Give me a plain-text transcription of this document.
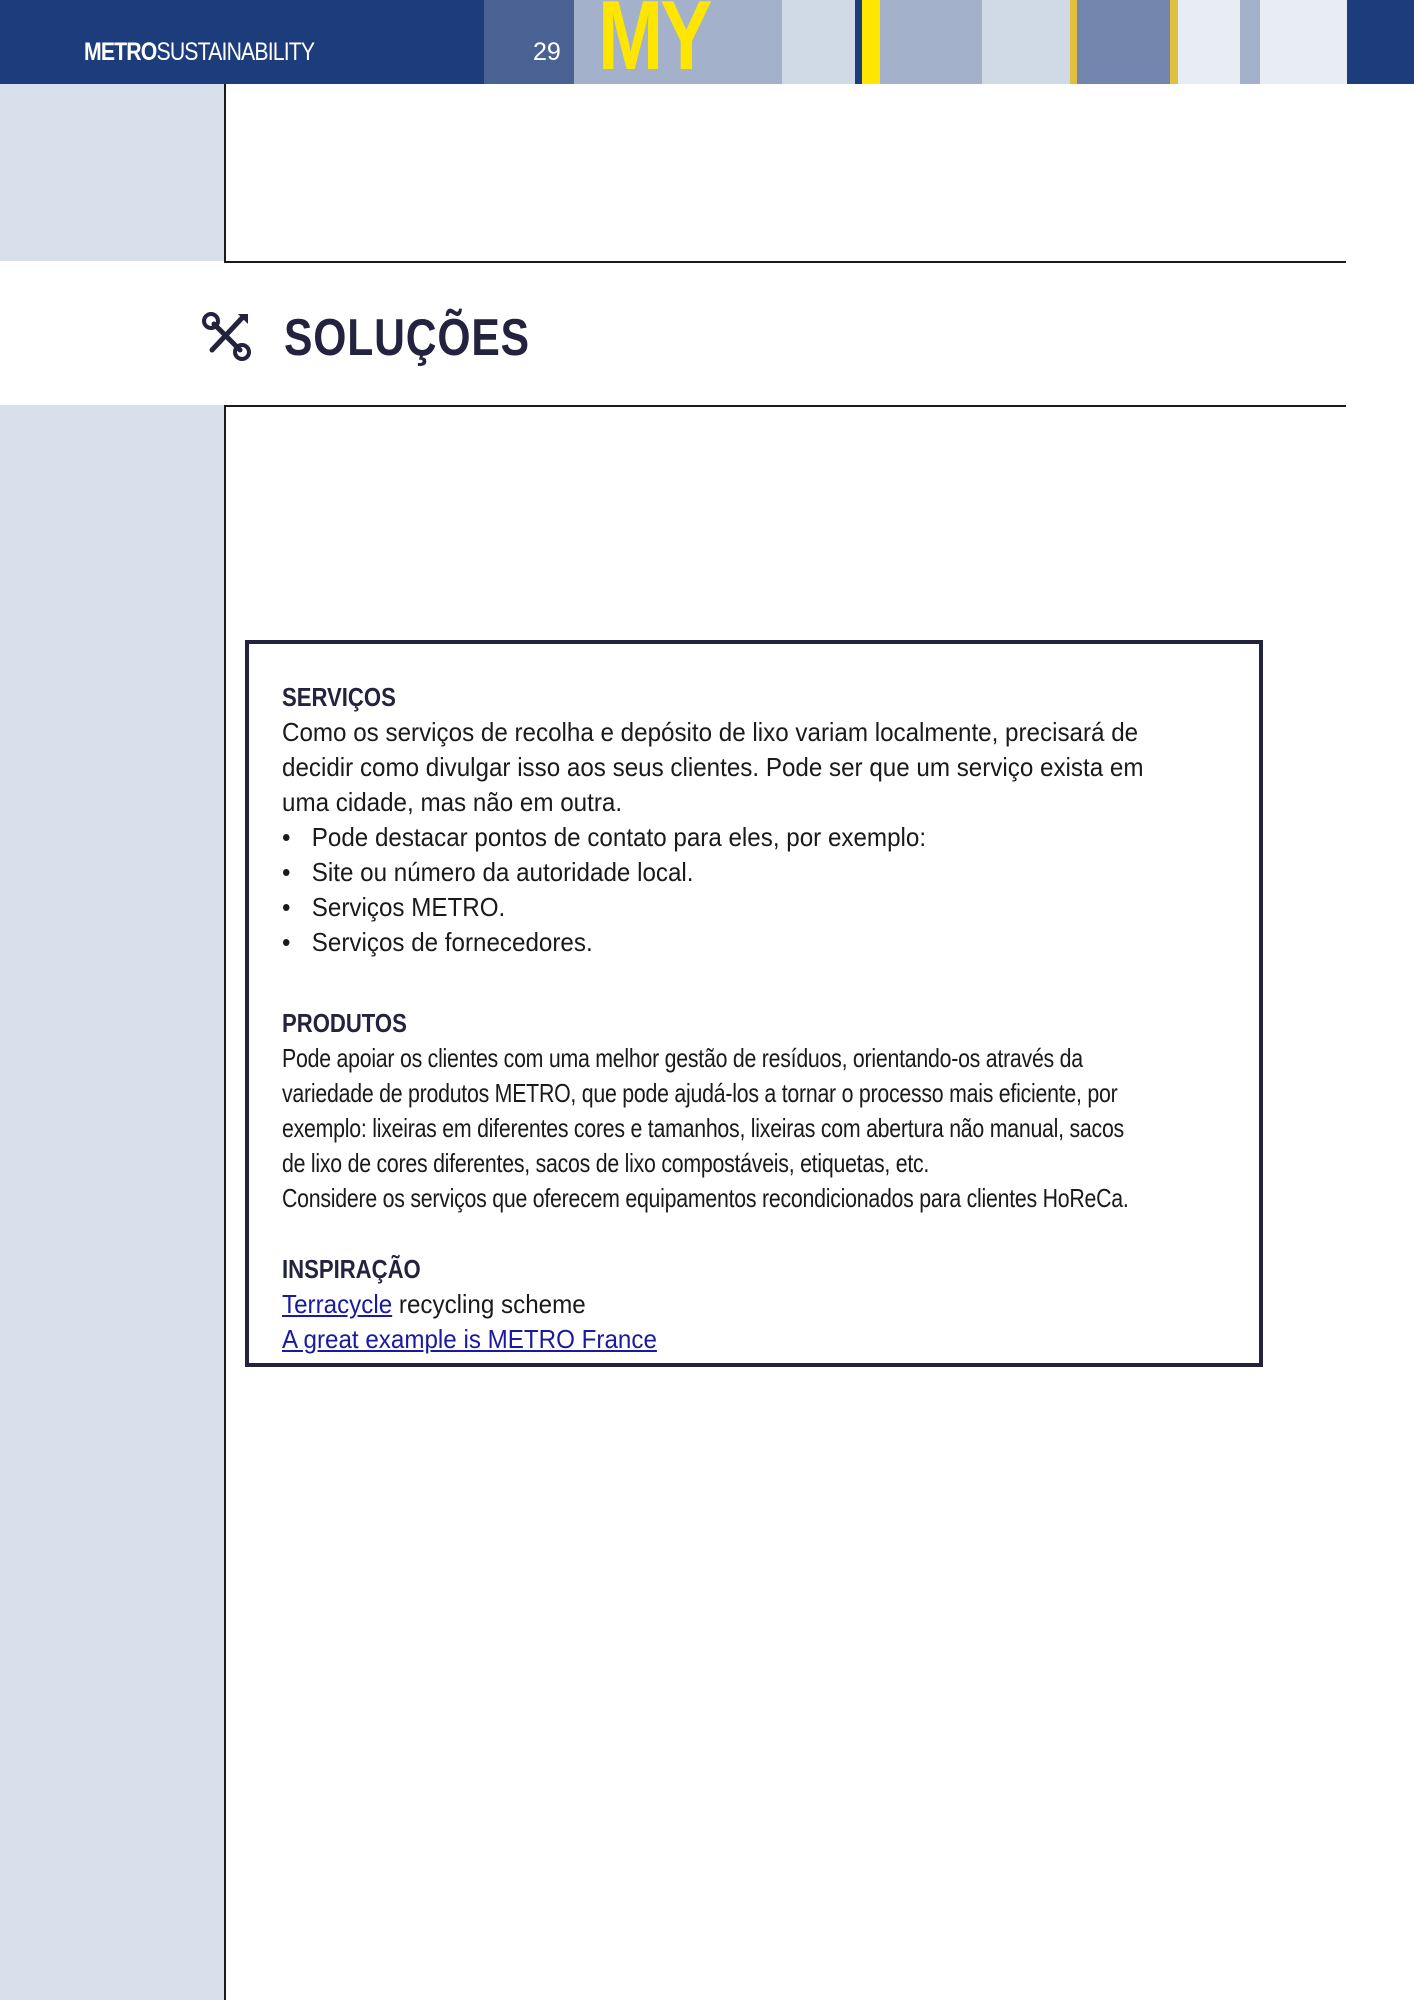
MY
METROSUSTAINABILITY	29
SOLUÇÕES
SERVIÇOS
Como os serviços de recolha e depósito de lixo variam localmente, precisará de
decidir como divulgar isso aos seus clientes. Pode ser que um serviço exista em
uma cidade, mas não em outra.
• Pode destacar pontos de contato para eles, por exemplo:
• Site ou número da autoridade local.
• Serviços METRO.
• Serviços de fornecedores.
PRODUTOS
Pode apoiar os clientes com uma melhor gestão de resíduos, orientando-os através da
variedade de produtos METRO, que pode ajudá-los a tornar o processo mais eficiente, por
exemplo: lixeiras em diferentes cores e tamanhos, lixeiras com abertura não manual, sacos
de lixo de cores diferentes, sacos de lixo compostáveis, etiquetas, etc.
Considere os serviços que oferecem equipamentos recondicionados para clientes HoReCa.
INSPIRAÇÃO
Terracycle recycling scheme
A great example is METRO France
